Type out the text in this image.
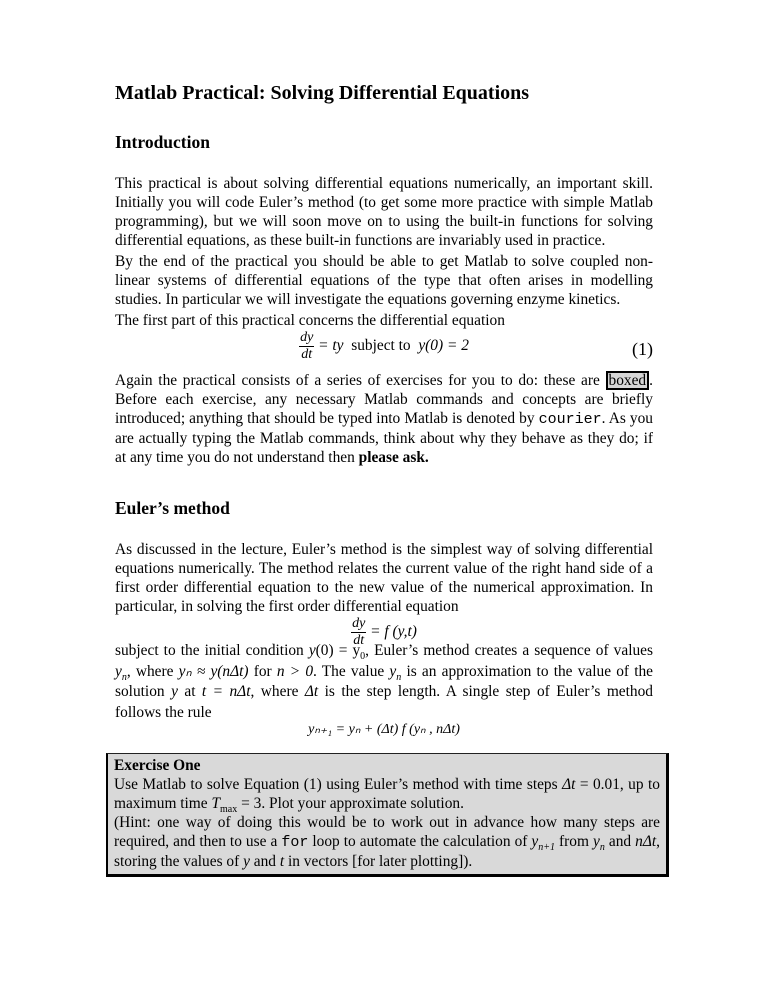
Matlab Practical: Solving Differential Equations
Introduction

This practical is about solving differential equations numerically, an important skill. Initially you will code Euler’s method (to get some more practice with simple Matlab programming), but we will soon move on to using the built-in functions for solving differential equations, as these built-in functions are invariably used in practice.

By the end of the practical you should be able to get Matlab to solve coupled non-linear systems of differential equations of the type that often arises in modelling studies. In particular we will investigate the equations governing enzyme kinetics.

The first part of this practical concerns the differential equation

$\frac{dy}{dt}$ = ty subject to y(0) = 2	(1)

Again the practical consists of a series of exercises for you to do: these are boxed . Before each exercise, any necessary Matlab commands and concepts are briefly introduced; anything that should be typed into Matlab is denoted by courier. As you are actually typing the Matlab commands, think about why they behave as they do; if at any time you do not understand then please ask.

Euler’s method

As discussed in the lecture, Euler’s method is the simplest way of solving differential equations numerically. The method relates the current value of the right hand side of a first order differential equation to the new value of the numerical approximation. In particular, in solving the first order differential equation

$\frac{dy}{dt} = f$ (y,t)

subject to the initial condition $y(0) = y_0$, Euler’s method creates a sequence of values $y_n$, where yₙ ≈ y(nΔt) for n > 0. The value $y_n$ is an approximation to the value of the solution y at t = nΔt, where Δt is the step length. A single step of Euler’s method follows the rule

yₙ₊₁ = yₙ + (Δt) f (yₙ , nΔt)
Exercise One
Use Matlab to solve Equation (1) using Euler’s method with time steps Δt = 0.01, up to maximum time $T_{max} = 3$. Plot your approximate solution.
(Hint: one way of doing this would be to work out in advance how many steps are required, and then to use a for loop to automate the calculation of $y_{n+1}$ from $y_n$ and nΔt, storing the values of y and t in vectors [for later plotting]).
